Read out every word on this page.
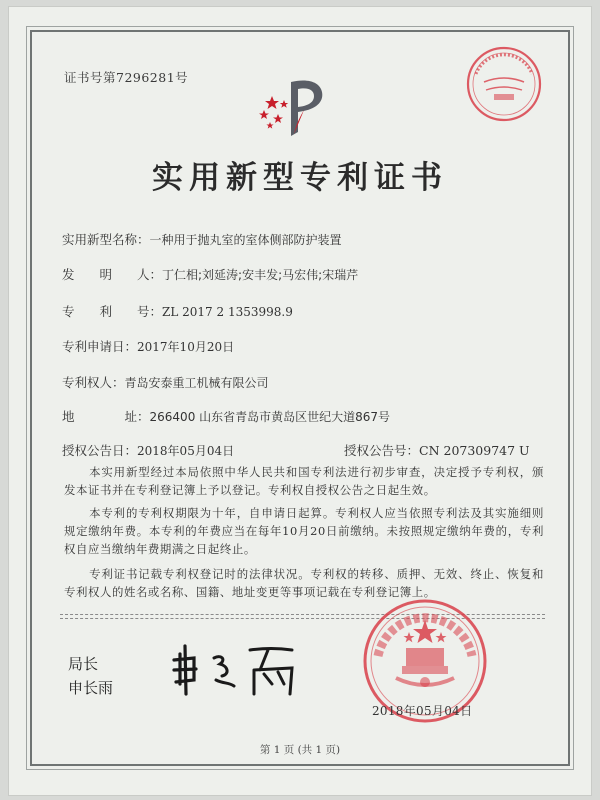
证书号第7296281号
实用新型专利证书
实用新型名称：一种用于抛丸室的室体侧部防护装置
发　　明　　人：丁仁相;刘延涛;安丰发;马宏伟;宋瑞芹
专　　利　　号：ZL 2017 2 1353998.9
专利申请日：2017年10月20日
专利权人：青岛安泰重工机械有限公司
地　　　　址：266400 山东省青岛市黄岛区世纪大道867号
授权公告日：2018年05月04日	授权公告号：CN 207309747 U

本实用新型经过本局依照中华人民共和国专利法进行初步审查，决定授予专利权，颁发本证书并在专利登记簿上予以登记。专利权自授权公告之日起生效。

本专利的专利权期限为十年，自申请日起算。专利权人应当依照专利法及其实施细则规定缴纳年费。本专利的年费应当在每年10月20日前缴纳。未按照规定缴纳年费的，专利权自应当缴纳年费期满之日起终止。

专利证书记载专利权登记时的法律状况。专利权的转移、质押、无效、终止、恢复和专利权人的姓名或名称、国籍、地址变更等事项记载在专利登记簿上。

局长
申长雨
2018年05月04日
第 1 页 (共 1 页)
